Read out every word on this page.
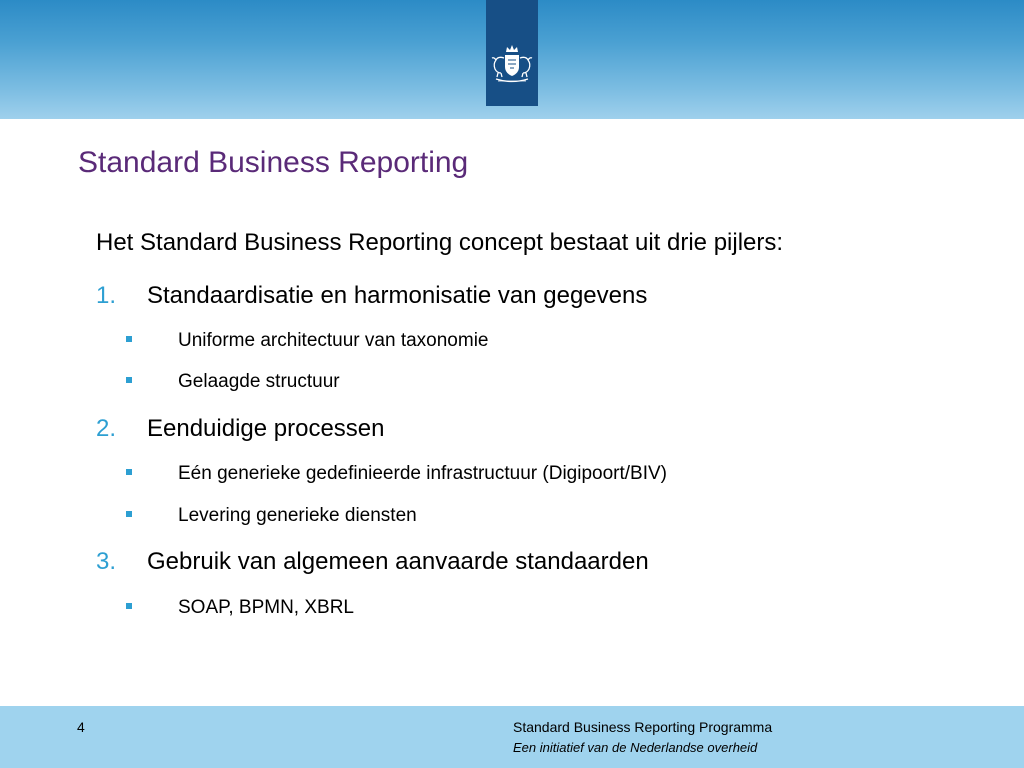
Standard Business Reporting
Het Standard Business Reporting concept bestaat uit drie pijlers:
1. Standaardisatie en harmonisatie van gegevens
Uniforme architectuur van taxonomie
Gelaagde structuur
2. Eenduidige processen
Eén generieke gedefinieerde infrastructuur (Digipoort/BIV)
Levering generieke diensten
3. Gebruik van algemeen aanvaarde standaarden
SOAP, BPMN, XBRL
4	Standard Business Reporting Programma
Een initiatief van de Nederlandse overheid
